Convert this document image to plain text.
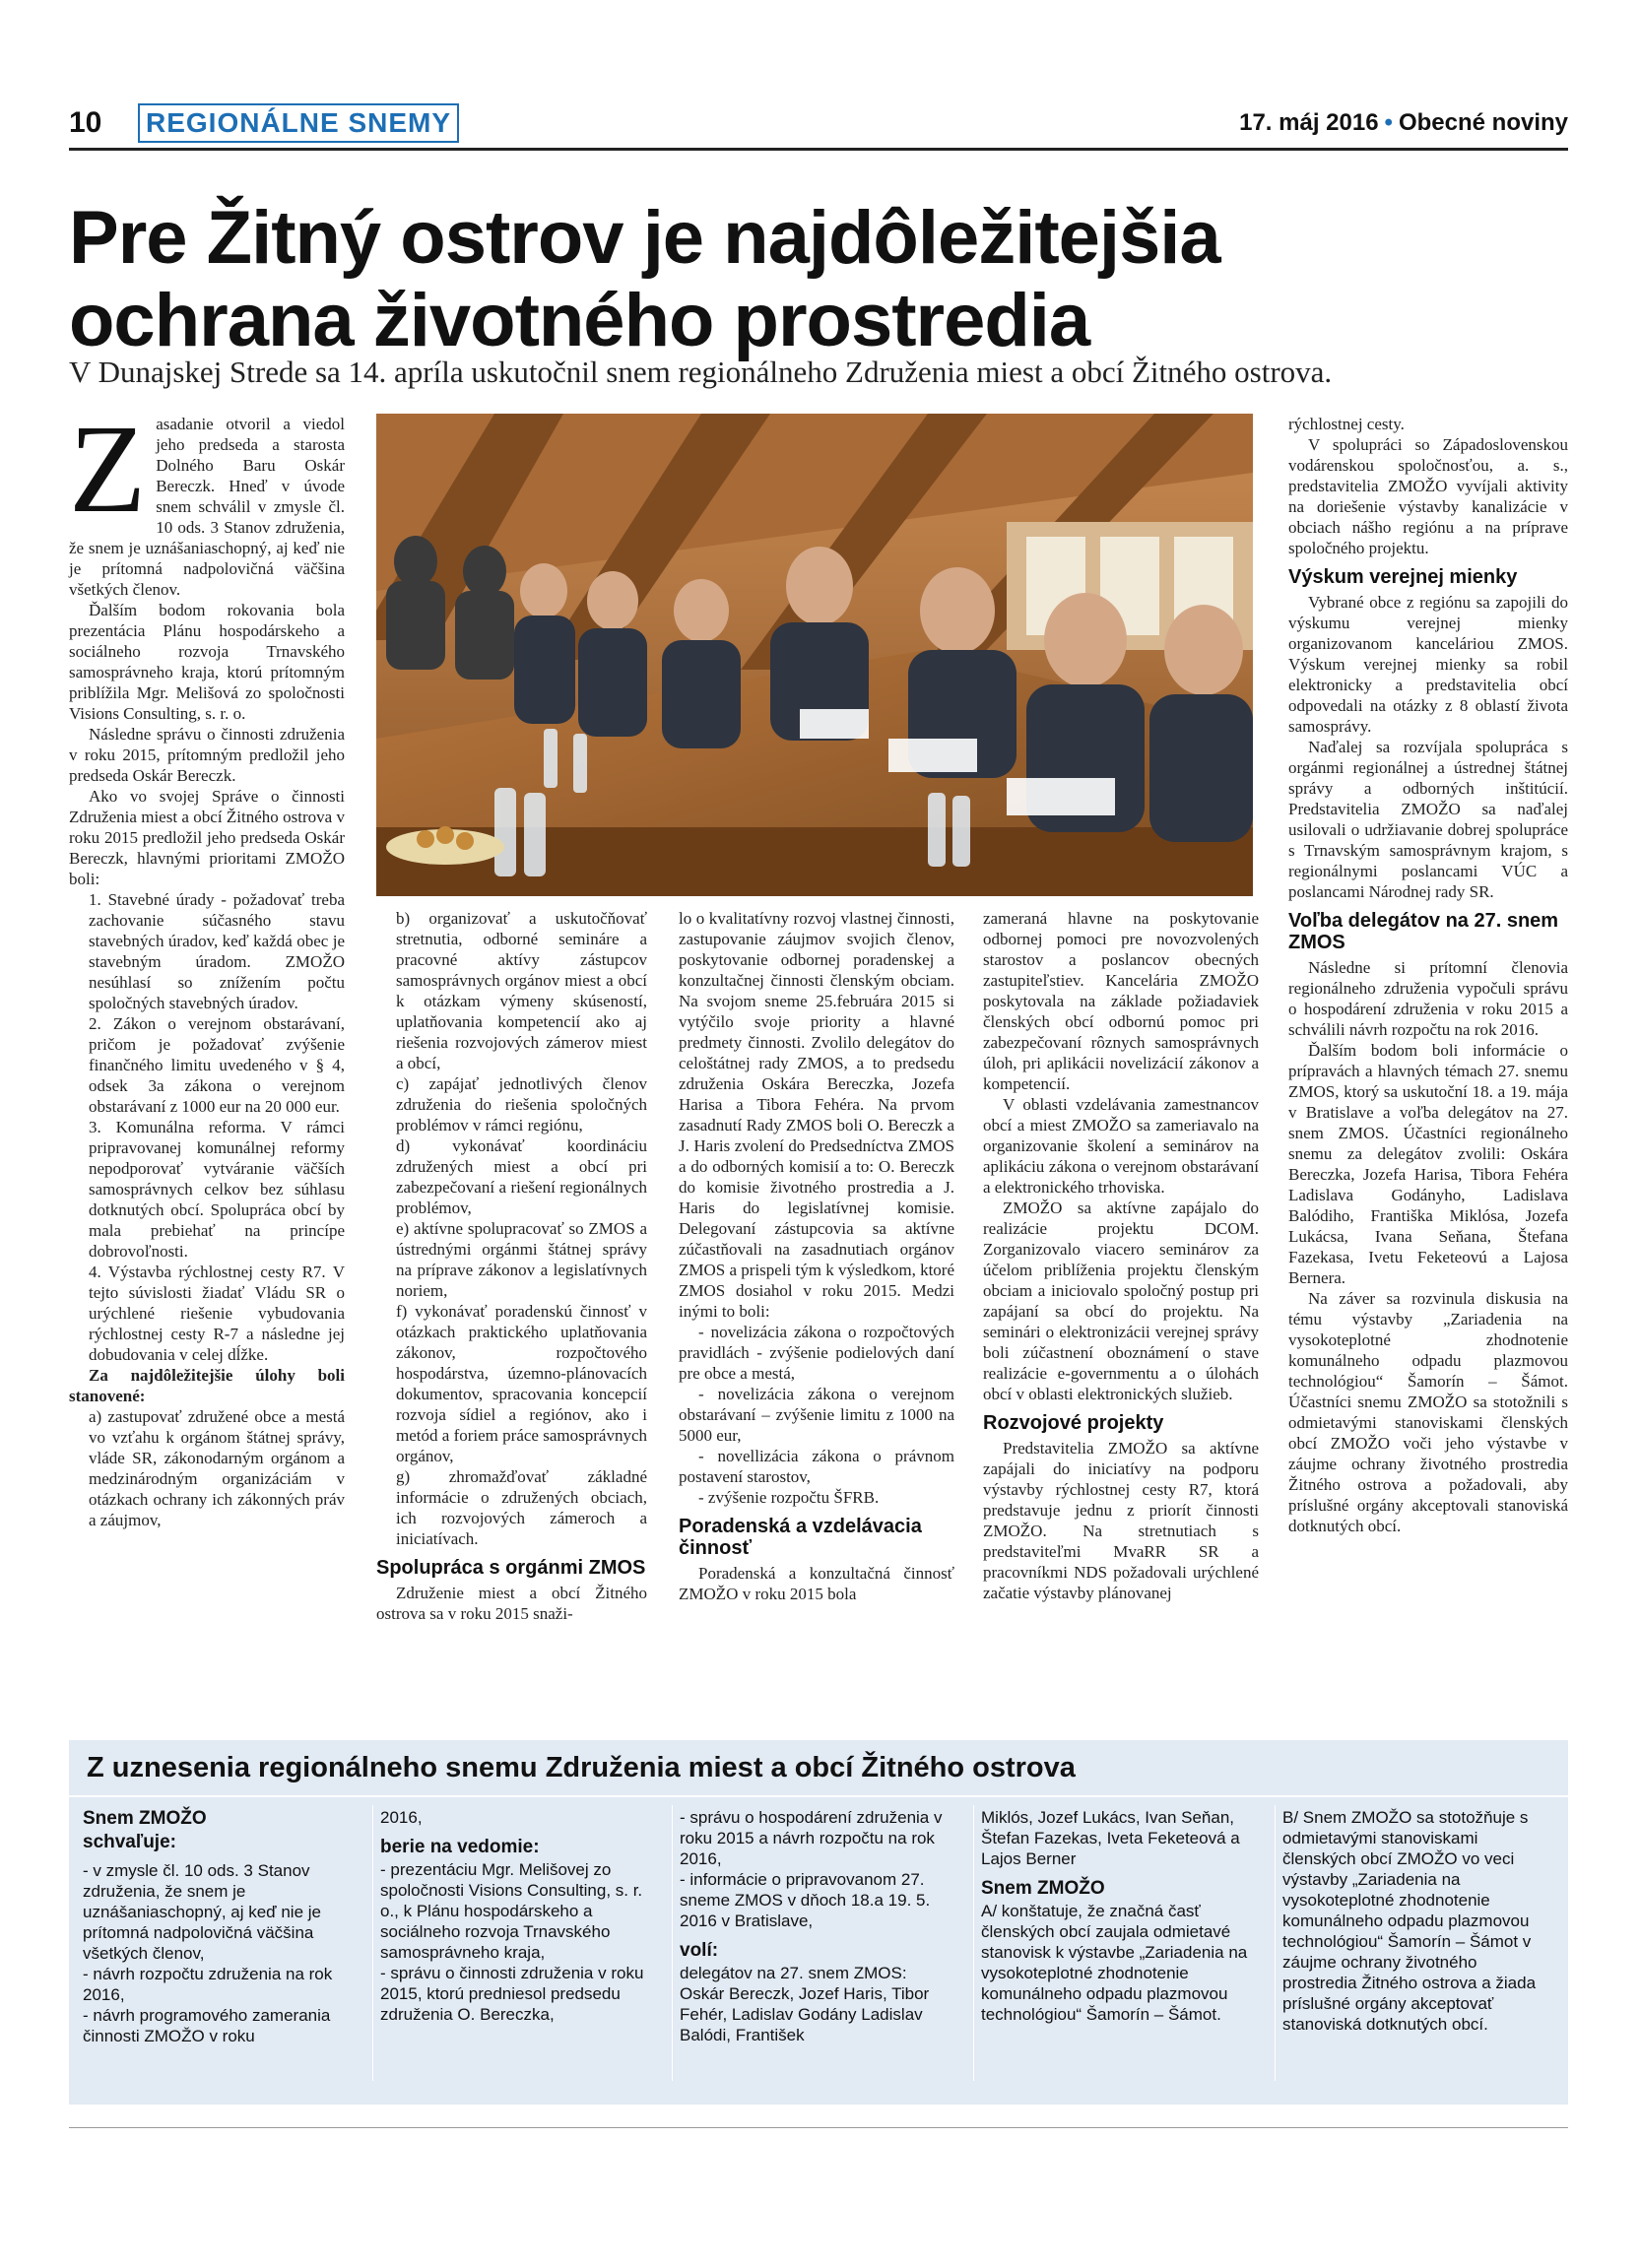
10 REGIONÁLNE SNEMY	17. máj 2016 • Obecné noviny
Pre Žitný ostrov je najdôležitejšia
ochrana životného prostredia
V Dunajskej Strede sa 14. apríla uskutočnil snem regionálneho Združenia miest a obcí Žitného ostrova.
Z asadanie otvoril a viedol jeho predseda a starosta Dolného Baru Oskár Bereczk. Hneď v úvode snem schválil v zmysle čl. 10 ods. 3 Stanov združenia, že snem je uznášaniaschopný, aj keď nie je prítomná nadpolovičná väčšina všetkých členov.

Ďalším bodom rokovania bola prezentácia Plánu hospodárskeho a sociálneho rozvoja Trnavského samosprávneho kraja, ktorú prítomným priblížila Mgr. Melišová zo spoločnosti Visions Consulting, s. r. o.

Následne správu o činnosti združenia v roku 2015, prítomným predložil jeho predseda Oskár Bereczk.

Ako vo svojej Správe o činnosti Združenia miest a obcí Žitného ostrova v roku 2015 predložil jeho predseda Oskár Bereczk, hlavnými prioritami ZMOŽO boli:

1. Stavebné úrady - požadovať treba zachovanie súčasného stavu stavebných úradov, keď každá obec je stavebným úradom. ZMOŽO nesúhlasí so znížením počtu spoločných stavebných úradov.

2. Zákon o verejnom obstarávaní, pričom je požadovať zvýšenie finančného limitu uvedeného v § 4, odsek 3a zákona o verejnom obstarávaní z 1000 eur na 20 000 eur.

3. Komunálna reforma. V rámci pripravovanej komunálnej reformy nepodporovať vytváranie väčších samosprávnych celkov bez súhlasu dotknutých obcí. Spolupráca obcí by mala prebiehať na princípe dobrovoľnosti.

4. Výstavba rýchlostnej cesty R7. V tejto súvislosti žiadať Vládu SR o urýchlené riešenie vybudovania rýchlostnej cesty R-7 a následne jej dobudovania v celej dĺžke.

Za najdôležitejšie úlohy boli stanovené:

a) zastupovať združené obce a mestá vo vzťahu k orgánom štátnej správy, vláde SR, zákonodarným orgánom a medzinárodným organizáciám v otázkach ochrany ich zákonných práv a záujmov,

b) organizovať a uskutočňovať stretnutia, odborné semináre a pracovné aktívy zástupcov samosprávnych orgánov miest a obcí k otázkam výmeny skúseností, uplatňovania kompetencií ako aj riešenia rozvojových zámerov miest a obcí,

c) zapájať jednotlivých členov združenia do riešenia spoločných problémov v rámci regiónu,

d) vykonávať koordináciu združených miest a obcí pri zabezpečovaní a riešení regionálnych problémov,

e) aktívne spolupracovať so ZMOS a ústrednými orgánmi štátnej správy na príprave zákonov a legislatívnych noriem,

f) vykonávať poradenskú činnosť v otázkach praktického uplatňovania zákonov, rozpočtového hospodárstva, územno-plánovacích dokumentov, spracovania koncepcií rozvoja sídiel a regiónov, ako i metód a foriem práce samosprávnych orgánov,

g) zhromažďovať základné informácie o združených obciach, ich rozvojových zámeroch a iniciatívach.

Spolupráca s orgánmi ZMOS

Združenie miest a obcí Žitného ostrova sa v roku 2015 snaži-

lo o kvalitatívny rozvoj vlastnej činnosti, zastupovanie záujmov svojich členov, poskytovanie odbornej poradenskej a konzultačnej činnosti členským obciam. Na svojom sneme 25.februára 2015 si vytýčilo svoje priority a hlavné predmety činnosti. Zvolilo delegátov do celoštátnej rady ZMOS, a to predsedu združenia Oskára Bereczka, Jozefa Harisa a Tibora Fehéra. Na prvom zasadnutí Rady ZMOS boli O. Bereczk a J. Haris zvolení do Predsedníctva ZMOS a do odborných komisií a to: O. Bereczk do komisie životného prostredia a J. Haris do legislatívnej komisie. Delegovaní zástupcovia sa aktívne zúčastňovali na zasadnutiach orgánov ZMOS a prispeli tým k výsledkom, ktoré ZMOS dosiahol v roku 2015. Medzi inými to boli:

- novelizácia zákona o rozpočtových pravidlách - zvýšenie podielových daní pre obce a mestá,

- novelizácia zákona o verejnom obstarávaní – zvýšenie limitu z 1000 na 5000 eur,

- novellizácia zákona o právnom postavení starostov,

- zvýšenie rozpočtu ŠFRB.

Poradenská a vzdelávacia činnosť

Poradenská a konzultačná činnosť ZMOŽO v roku 2015 bola

zameraná hlavne na poskytovanie odbornej pomoci pre novozvolených starostov a poslancov obecných zastupiteľstiev. Kancelária ZMOŽO poskytovala na základe požiadaviek členských obcí odbornú pomoc pri zabezpečovaní rôznych samosprávnych úloh, pri aplikácii novelizácií zákonov a kompetencií.

V oblasti vzdelávania zamestnancov obcí a miest ZMOŽO sa zameriavalo na organizovanie školení a seminárov na aplikáciu zákona o verejnom obstarávaní a elektronického trhoviska.

ZMOŽO sa aktívne zapájalo do realizácie projektu DCOM. Zorganizovalo viacero seminárov za účelom priblíženia projektu členským obciam a iniciovalo spoločný postup pri zapájaní sa obcí do projektu. Na seminári o elektronizácii verejnej správy boli zúčastnení oboznámení o stave realizácie e-governmentu a o úlohách obcí v oblasti elektronických služieb.

Rozvojové projekty

Predstavitelia ZMOŽO sa aktívne zapájali do iniciatívy na podporu výstavby rýchlostnej cesty R7, ktorá predstavuje jednu z priorít činnosti ZMOŽO. Na stretnutiach s predstaviteľmi MvaRR SR a pracovníkmi NDS požadovali urýchlené začatie výstavby plánovanej

rýchlostnej cesty.

V spolupráci so Západoslovenskou vodárenskou spoločnosťou, a. s., predstavitelia ZMOŽO vyvíjali aktivity na doriešenie výstavby kanalizácie v obciach nášho regiónu a na príprave spoločného projektu.

Výskum verejnej mienky

Vybrané obce z regiónu sa zapojili do výskumu verejnej mienky organizovanom kanceláriou ZMOS. Výskum verejnej mienky sa robil elektronicky a predstavitelia obcí odpovedali na otázky z 8 oblastí života samosprávy.

Naďalej sa rozvíjala spolupráca s orgánmi regionálnej a ústrednej štátnej správy a odborných inštitúcií. Predstavitelia ZMOŽO sa naďalej usilovali o udržiavanie dobrej spolupráce s Trnavským samosprávnym krajom, s regionálnymi poslancami VÚC a poslancami Národnej rady SR.

Voľba delegátov na 27. snem ZMOS

Následne si prítomní členovia regionálneho združenia vypočuli správu o hospodárení združenia v roku 2015 a schválili návrh rozpočtu na rok 2016.

Ďalším bodom boli informácie o prípravách a hlavných témach 27. snemu ZMOS, ktorý sa uskutoční 18. a 19. mája v Bratislave a voľba delegátov na 27. snem ZMOS. Účastníci regionálneho snemu za delegátov zvolili: Oskára Bereczka, Jozefa Harisa, Tibora Fehéra Ladislava Godányho, Ladislava Balódiho, Františka Miklósa, Jozefa Lukácsa, Ivana Seňana, Štefana Fazekasa, Ivetu Feketeovú a Lajosa Bernera.

Na záver sa rozvinula diskusia na tému výstavby „Zariadenia na vysokoteplotné zhodnotenie komunálneho odpadu plazmovou technológiou“ Šamorín – Šámot. Účastníci snemu ZMOŽO sa stotožnili s odmietavými stanoviskami členských obcí ZMOŽO voči jeho výstavbe v záujme ochrany životného prostredia Žitného ostrova a požadovali, aby príslušné orgány akceptovali stanoviská dotknutých obcí.

Z uznesenia regionálneho snemu Združenia miest a obcí Žitného ostrova
Snem ZMOŽO
schvaľuje:
- v zmysle čl. 10 ods. 3 Stanov združenia, že snem je uznášaniaschopný, aj keď nie je prítomná nadpolovičná väčšina všetkých členov,
- návrh rozpočtu združenia na rok 2016,
- návrh programového zamerania činnosti ZMOŽO v roku
2016,
berie na vedomie:
- prezentáciu Mgr. Melišovej zo spoločnosti Visions Consulting, s. r. o., k Plánu hospodárskeho a sociálneho rozvoja Trnavského samosprávneho kraja,
- správu o činnosti združenia v roku 2015, ktorú predniesol predsedu združenia O. Bereczka,
- správu o hospodárení združenia v roku 2015 a návrh rozpočtu na rok 2016,
- informácie o pripravovanom 27. sneme ZMOS v dňoch 18.a 19. 5. 2016 v Bratislave,
volí:
delegátov na 27. snem ZMOS: Oskár Bereczk, Jozef Haris, Tibor Fehér, Ladislav Godány Ladislav Balódi, František
Miklós, Jozef Lukács, Ivan Seňan, Štefan Fazekas, Iveta Feketeová a Lajos Berner
Snem ZMOŽO
A/ konštatuje, že značná časť členských obcí zaujala odmietavé stanovisk k výstavbe „Zariadenia na vysokoteplotné zhodnotenie komunálneho odpadu plazmovou technológiou“ Šamorín – Šámot.
B/ Snem ZMOŽO sa stotožňuje s odmietavými stanoviskami členských obcí ZMOŽO vo veci výstavby „Zariadenia na vysokoteplotné zhodnotenie komunálneho odpadu plazmovou technológiou“ Šamorín – Šámot v záujme ochrany životného prostredia Žitného ostrova a žiada príslušné orgány akceptovať stanoviská dotknutých obcí.
